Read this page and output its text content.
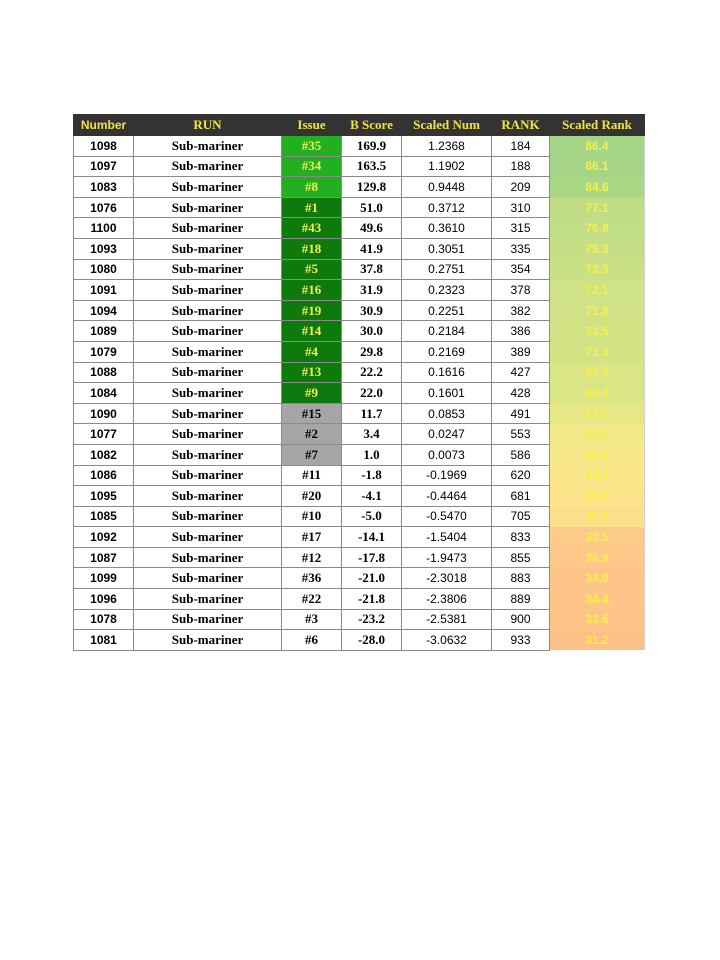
Number	RUN	Issue	B Score	Scaled Num	RANK	Scaled Rank
1098	Sub-mariner	#35	169.9	1.2368	184	86.4
1097	Sub-mariner	#34	163.5	1.1902	188	86.1
1083	Sub-mariner	#8	129.8	0.9448	209	84.6
1076	Sub-mariner	#1	51.0	0.3712	310	77.1
1100	Sub-mariner	#43	49.6	0.3610	315	76.8
1093	Sub-mariner	#18	41.9	0.3051	335	75.3
1080	Sub-mariner	#5	37.8	0.2751	354	73.9
1091	Sub-mariner	#16	31.9	0.2323	378	72.1
1094	Sub-mariner	#19	30.9	0.2251	382	71.8
1089	Sub-mariner	#14	30.0	0.2184	386	71.5
1079	Sub-mariner	#4	29.8	0.2169	389	71.3
1088	Sub-mariner	#13	22.2	0.1616	427	68.5
1084	Sub-mariner	#9	22.0	0.1601	428	68.4
1090	Sub-mariner	#15	11.7	0.0853	491	63.8
1077	Sub-mariner	#2	3.4	0.0247	553	59.2
1082	Sub-mariner	#7	1.0	0.0073	586	56.8
1086	Sub-mariner	#11	-1.8	-0.1969	620	54.3
1095	Sub-mariner	#20	-4.1	-0.4464	681	49.8
1085	Sub-mariner	#10	-5.0	-0.5470	705	48.0
1092	Sub-mariner	#17	-14.1	-1.5404	833	38.5
1087	Sub-mariner	#12	-17.8	-1.9473	855	36.9
1099	Sub-mariner	#36	-21.0	-2.3018	883	34.9
1096	Sub-mariner	#22	-21.8	-2.3806	889	34.4
1078	Sub-mariner	#3	-23.2	-2.5381	900	33.6
1081	Sub-mariner	#6	-28.0	-3.0632	933	31.2
